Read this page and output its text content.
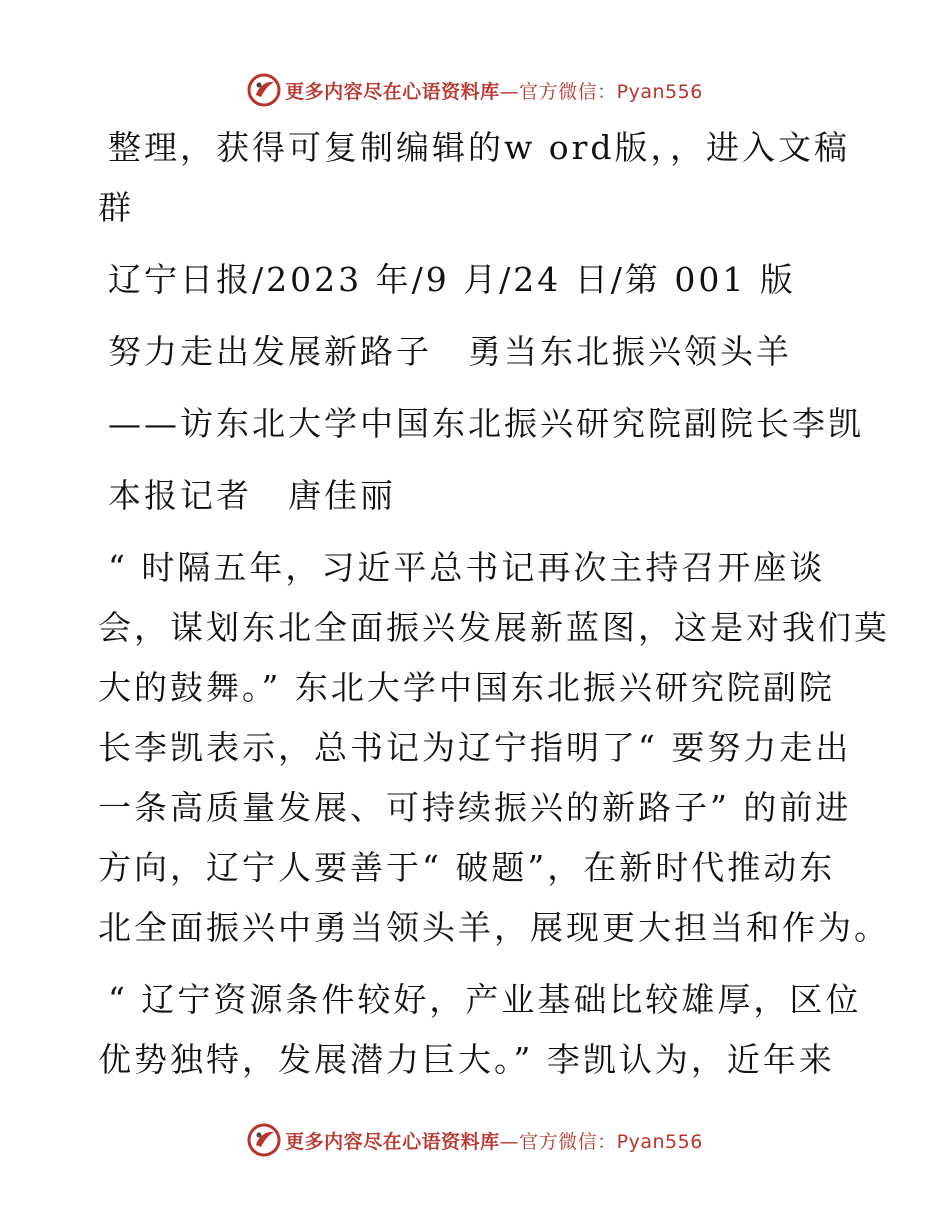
更多内容尽在心语资料库—官方微信：Pyan556
整理，获得可复制编辑的w ord版，，进入文稿
群
辽宁日报/2023 年/9 月/24 日/第 001 版
努力走出发展新路子　勇当东北振兴领头羊
——访东北大学中国东北振兴研究院副院长李凯
本报记者　唐佳丽
“ 时隔五年，习近平总书记再次主持召开座谈
会，谋划东北全面振兴发展新蓝图，这是对我们莫
大的鼓舞。” 东北大学中国东北振兴研究院副院
长李凯表示，总书记为辽宁指明了“ 要努力走出
一条高质量发展、可持续振兴的新路子” 的前进
方向，辽宁人要善于“ 破题”，在新时代推动东
北全面振兴中勇当领头羊，展现更大担当和作为。
“ 辽宁资源条件较好，产业基础比较雄厚，区位
优势独特，发展潜力巨大。” 李凯认为，近年来
更多内容尽在心语资料库—官方微信：Pyan556
